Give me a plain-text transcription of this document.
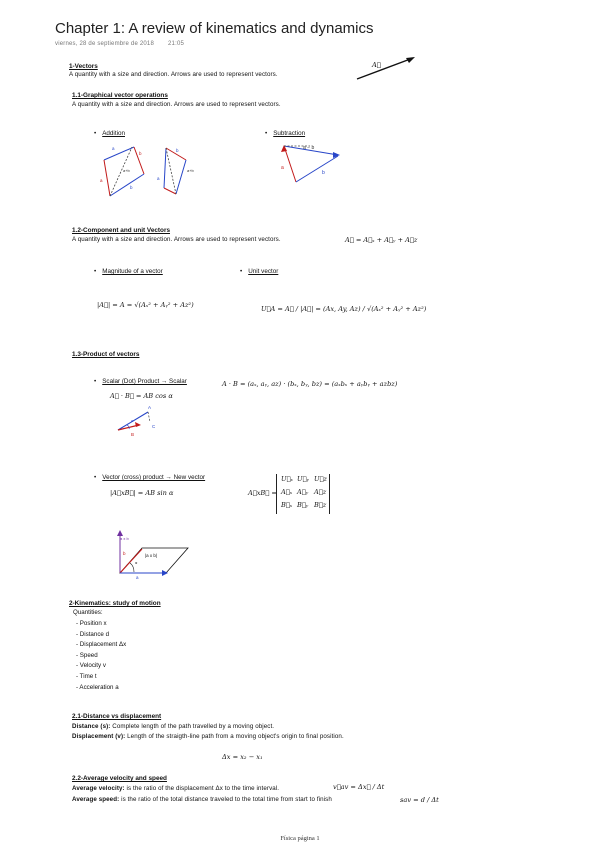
Chapter 1: A review of kinematics and dynamics
viernes, 28 de septiembre de 2018 21:05
A⃗
1-Vectors
A quantity with a size and direction. Arrows are used to represent vectors.
1.1-Graphical vector operations
A quantity with a size and direction. Arrows are used to represent vectors.
• Addition	• Subtraction
a
b
a
a+b
b
a
b
a+b
a − b
a
b
1.2-Component and unit Vectors
A quantity with a size and direction. Arrows are used to represent vectors.	A⃗ = A⃗ₓ + A⃗ᵧ + A⃗z
• Magnitude of a vector	• Unit vector
|A⃗| = A = √(Aₓ² + Aᵧ² + Az²)	U⃗A = A⃗ / |A⃗| = (Ax, Ay, Az) / √(Aₓ² + Aᵧ² + Az²)
1.3-Product of vectors
• Scalar (Dot) Product → Scalar
A⃗ · B⃗ = AB cos α
A · B = (aₓ, aᵧ, az) · (bₓ, bᵧ, bz) = (aₓbₓ + aᵧbᵧ + azbz)
A
B
C
α
• Vector (cross) product → New vector
|A⃗xB⃗| = AB sin α	A⃗xB⃗ =
U⃗ₓ U⃗ᵧ U⃗z
A⃗ₓ A⃗ᵧ A⃗z
B⃗ₓ B⃗ᵧ B⃗z
a x b
b
α
|a x b|
a
2-Kinematics: study of motion
Quantities:
- Position x
- Distance d
- Displacement Δx
- Speed
- Velocity v
- Time t
- Acceleration a
2.1-Distance vs displacement
Distance (s): Complete length of the path travelled by a moving object.
Displacement (v): Length of the straigth-line path from a moving object's origin to final position.
Δx = x₂ − x₁
2.2-Average velocity and speed
Average velocity: is the ratio of the displacement Δx to the time interval.	v⃗av = Δx⃗ / Δt
Average speed: is the ratio of the total distance traveled to the total time from start to finish	sav = d / Δt
Física página 1
